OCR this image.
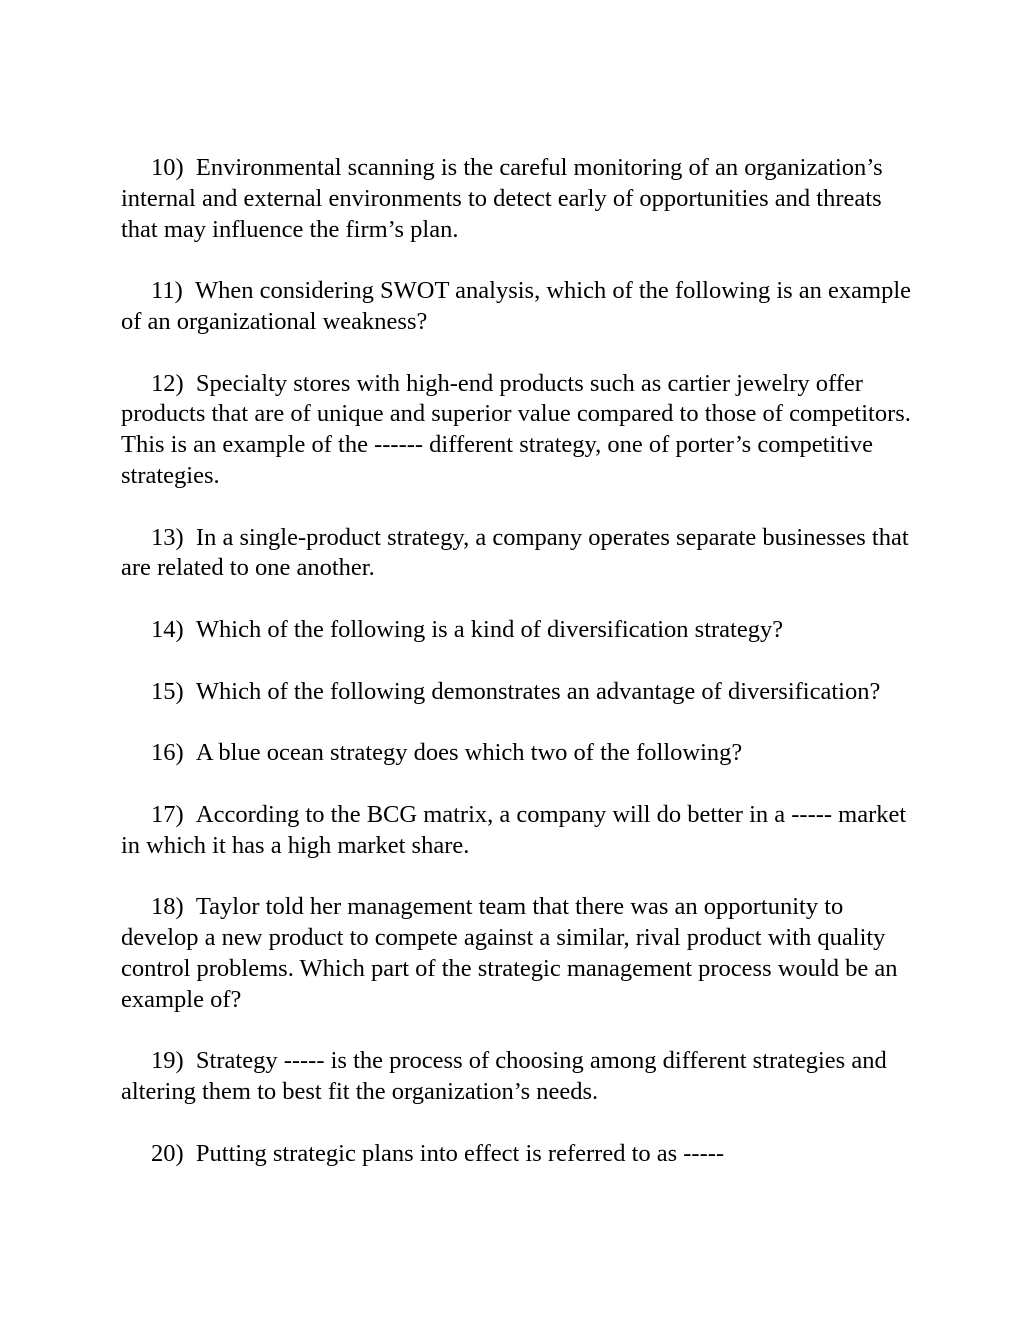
10) Environmental scanning is the careful monitoring of an organization’s internal and external environments to detect early of opportunities and threats that may influence the firm’s plan.

11) When considering SWOT analysis, which of the following is an example of an organizational weakness?

12) Specialty stores with high-end products such as cartier jewelry offer products that are of unique and superior value compared to those of competitors. This is an example of the ------ different strategy, one of porter’s competitive strategies.

13) In a single-product strategy, a company operates separate businesses that are related to one another.

14) Which of the following is a kind of diversification strategy?

15) Which of the following demonstrates an advantage of diversification?

16) A blue ocean strategy does which two of the following?

17) According to the BCG matrix, a company will do better in a ----- market in which it has a high market share.

18) Taylor told her management team that there was an opportunity to develop a new product to compete against a similar, rival product with quality control problems. Which part of the strategic management process would be an example of?

19) Strategy ----- is the process of choosing among different strategies and altering them to best fit the organization’s needs.

20) Putting strategic plans into effect is referred to as -----
